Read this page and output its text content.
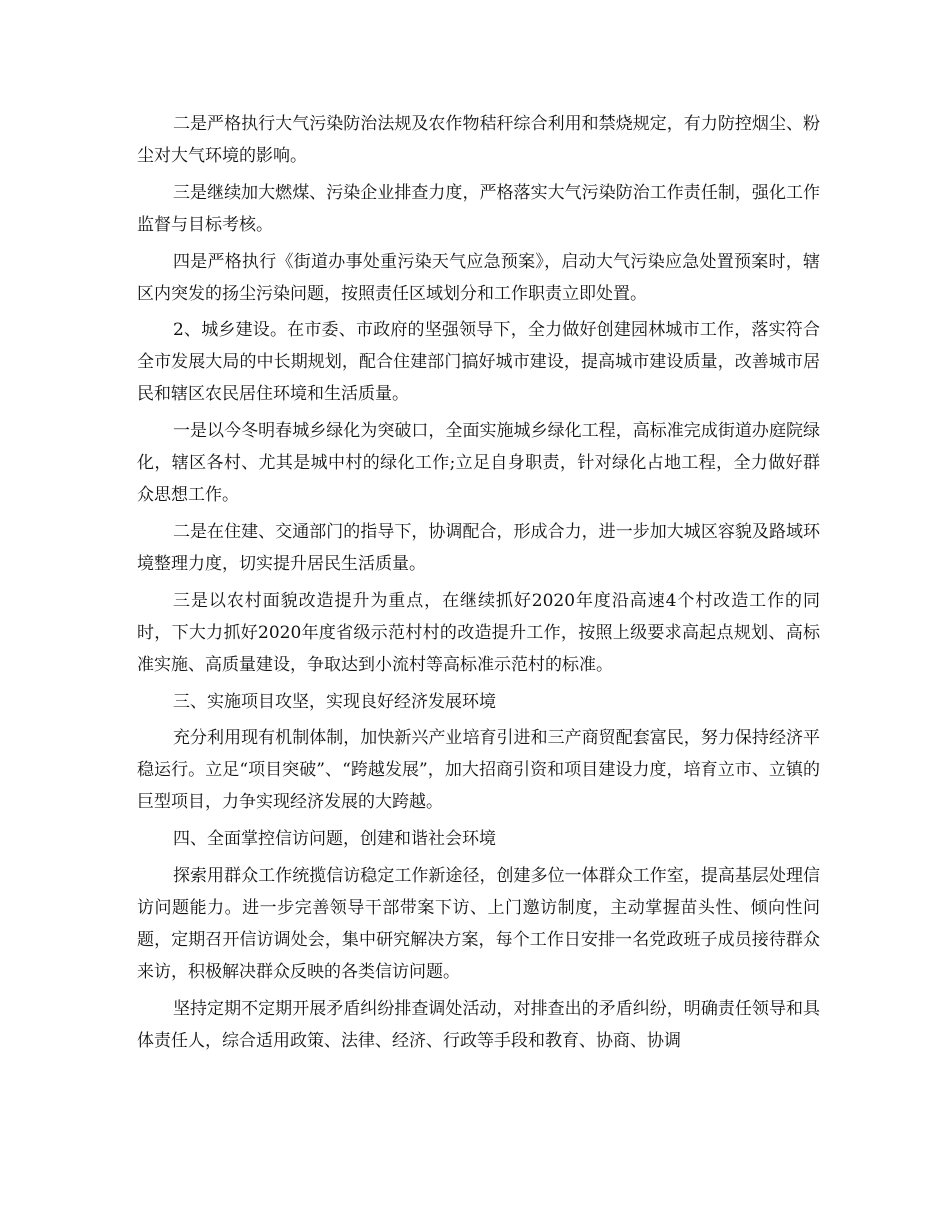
二是严格执行大气污染防治法规及农作物秸秆综合利用和禁烧规定，有力防控烟尘、粉尘对大气环境的影响。

三是继续加大燃煤、污染企业排查力度，严格落实大气污染防治工作责任制，强化工作监督与目标考核。

四是严格执行《街道办事处重污染天气应急预案》，启动大气污染应急处置预案时，辖区内突发的扬尘污染问题，按照责任区域划分和工作职责立即处置。

2、城乡建设。在市委、市政府的坚强领导下，全力做好创建园林城市工作，落实符合全市发展大局的中长期规划，配合住建部门搞好城市建设，提高城市建设质量，改善城市居民和辖区农民居住环境和生活质量。

一是以今冬明春城乡绿化为突破口，全面实施城乡绿化工程，高标准完成街道办庭院绿化，辖区各村、尤其是城中村的绿化工作;立足自身职责，针对绿化占地工程，全力做好群众思想工作。

二是在住建、交通部门的指导下，协调配合，形成合力，进一步加大城区容貌及路域环境整理力度，切实提升居民生活质量。

三是以农村面貌改造提升为重点，在继续抓好2020年度沿高速4个村改造工作的同时，下大力抓好2020年度省级示范村村的改造提升工作，按照上级要求高起点规划、高标准实施、高质量建设，争取达到小流村等高标准示范村的标准。

三、实施项目攻坚，实现良好经济发展环境

充分利用现有机制体制，加快新兴产业培育引进和三产商贸配套富民，努力保持经济平稳运行。立足“项目突破”、“跨越发展”，加大招商引资和项目建设力度，培育立市、立镇的巨型项目，力争实现经济发展的大跨越。

四、全面掌控信访问题，创建和谐社会环境

探索用群众工作统揽信访稳定工作新途径，创建多位一体群众工作室，提高基层处理信访问题能力。进一步完善领导干部带案下访、上门邀访制度，主动掌握苗头性、倾向性问题，定期召开信访调处会，集中研究解决方案，每个工作日安排一名党政班子成员接待群众来访，积极解决群众反映的各类信访问题。

坚持定期不定期开展矛盾纠纷排查调处活动，对排查出的矛盾纠纷，明确责任领导和具体责任人，综合适用政策、法律、经济、行政等手段和教育、协商、协调
